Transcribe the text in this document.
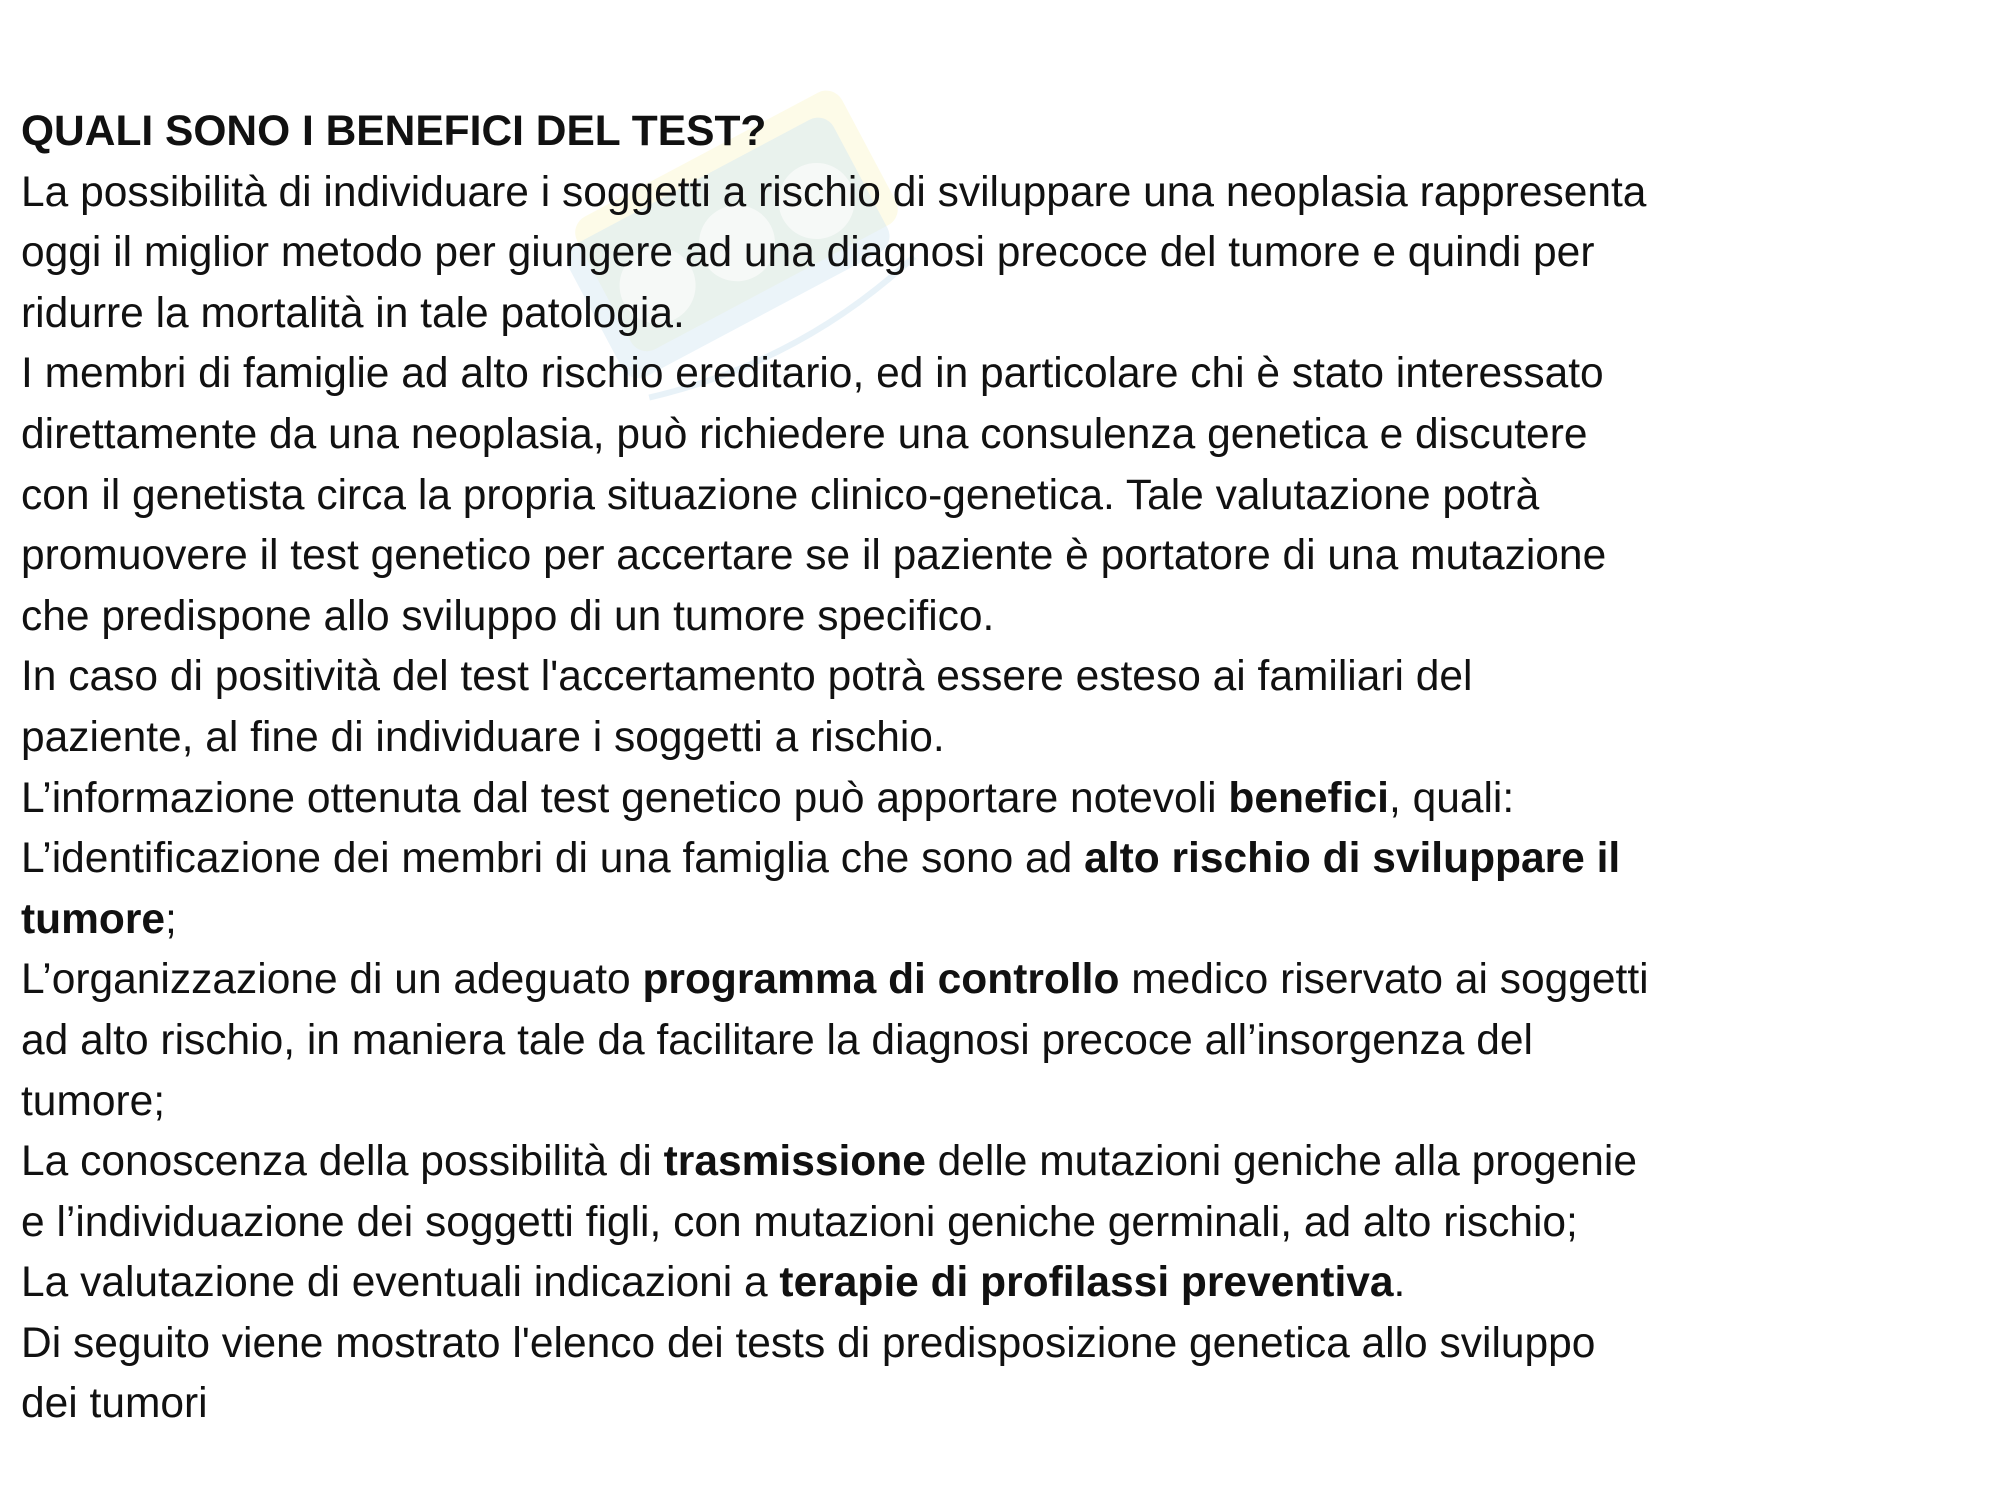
QUALI SONO I BENEFICI DEL TEST?
La possibilità di individuare i soggetti a rischio di sviluppare una neoplasia rappresenta
oggi il miglior metodo per giungere ad una diagnosi precoce del tumore e quindi per
ridurre la mortalità in tale patologia.
I membri di famiglie ad alto rischio ereditario, ed in particolare chi è stato interessato
direttamente da una neoplasia, può richiedere una consulenza genetica e discutere
con il genetista circa la propria situazione clinico-genetica. Tale valutazione potrà
promuovere il test genetico per accertare se il paziente è portatore di una mutazione
che predispone allo sviluppo di un tumore specifico.
In caso di positività del test l'accertamento potrà essere esteso ai familiari del
paziente, al fine di individuare i soggetti a rischio.
L’informazione ottenuta dal test genetico può apportare notevoli benefici, quali:
L’identificazione dei membri di una famiglia che sono ad alto rischio di sviluppare il
tumore;
L’organizzazione di un adeguato programma di controllo medico riservato ai soggetti
ad alto rischio, in maniera tale da facilitare la diagnosi precoce all’insorgenza del
tumore;
La conoscenza della possibilità di trasmissione delle mutazioni geniche alla progenie
e l’individuazione dei soggetti figli, con mutazioni geniche germinali, ad alto rischio;
La valutazione di eventuali indicazioni a terapie di profilassi preventiva.
Di seguito viene mostrato l'elenco dei tests di predisposizione genetica allo sviluppo
dei tumori
